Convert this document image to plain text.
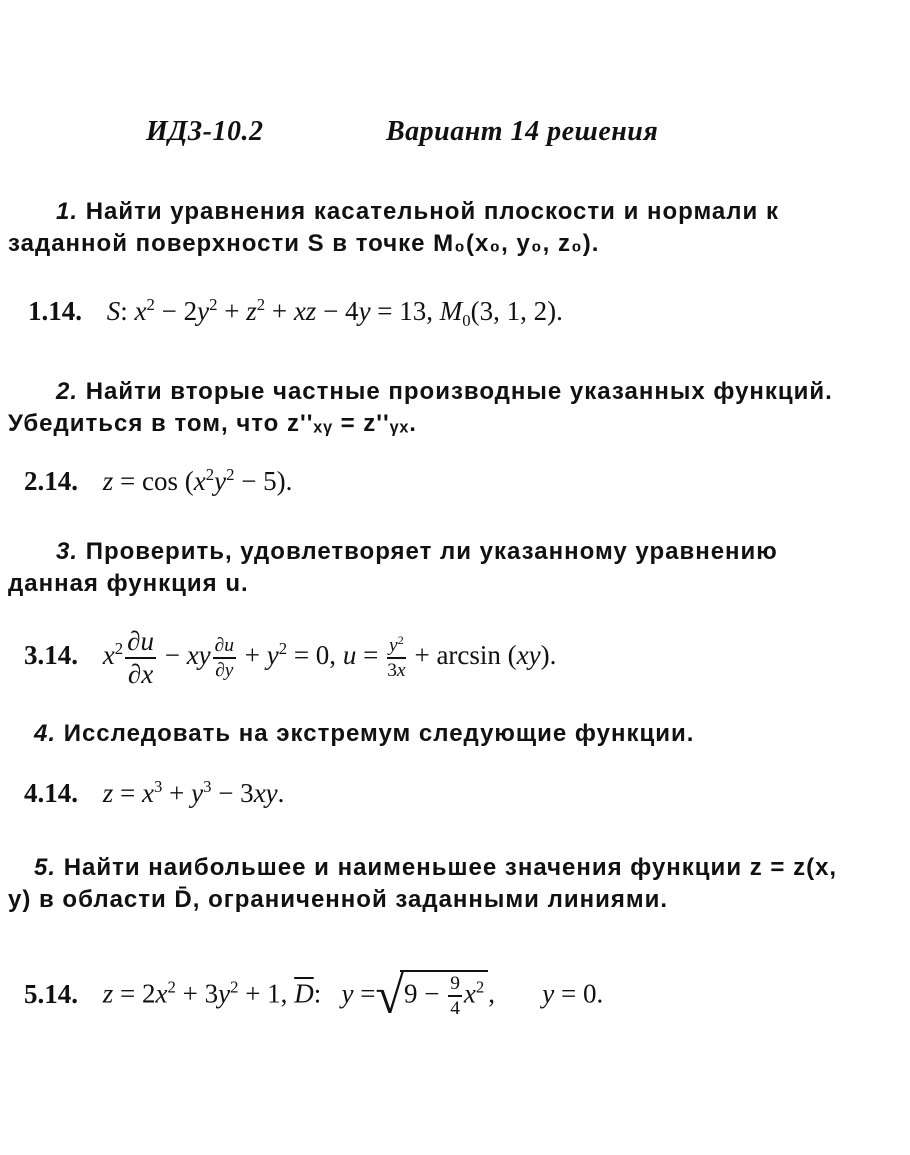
ИДЗ-10.2	Вариант 14 решения
1. Найти уравнения касательной плоскости и нормали к заданной поверхности S в точке M₀(x₀, y₀, z₀).
1.14. S: $x^2 - 2y^2 + z^2$ + xz − 4y = 13, $M_0(3$, 1, 2).
2. Найти вторые частные производные указанных функций. Убедиться в том, что z''ₓᵧ = z''ᵧₓ.
2.14. $z = \cos (x^2y^2 - 5)$.
3. Проверить, удовлетворяет ли указанному уравнению данная функция u.
3.14. $x^2 \frac{\partial u}{\partial x}$ − xy $\frac{\partial u}{\partial y} + y^2 = 0$, $u = \frac{y^2}{3x} + \arcsin (xy)$.
4. Исследовать на экстремум следующие функции.
4.14. $z = x^3 + y^3 - 3xy$.
5. Найти наибольшее и наименьшее значения функции z = z(x, y) в области D̄, ограниченной заданными линиями.
5.14. $z = 2x^2 + 3y^2 + 1$, $\overline{D}$:   $y =√9 - \frac{9}{4} x^2$ ,       y = 0.
